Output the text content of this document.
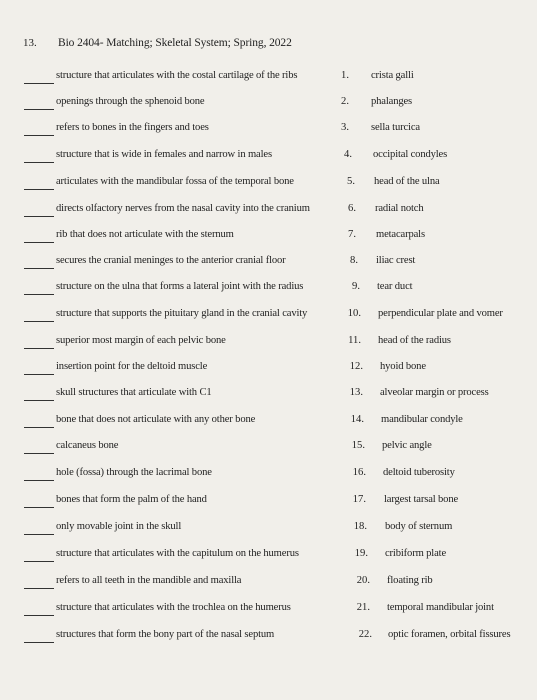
13. Bio 2404- Matching; Skeletal System; Spring, 2022
structure that articulates with the costal cartilage of the ribs	1. crista galli
openings through the sphenoid bone	2. phalanges
refers to bones in the fingers and toes	3. sella turcica
structure that is wide in females and narrow in males	4. occipital condyles
articulates with the mandibular fossa of the temporal bone	5. head of the ulna
directs olfactory nerves from the nasal cavity into the cranium	6. radial notch
rib that does not articulate with the sternum	7. metacarpals
secures the cranial meninges to the anterior cranial floor	8. iliac crest
structure on the ulna that forms a lateral joint with the radius	9. tear duct
structure that supports the pituitary gland in the cranial cavity	10. perpendicular plate and vomer
superior most margin of each pelvic bone	11. head of the radius
insertion point for the deltoid muscle	12. hyoid bone
skull structures that articulate with C1	13. alveolar margin or process
bone that does not articulate with any other bone	14. mandibular condyle
calcaneus bone	15. pelvic angle
hole (fossa) through the lacrimal bone	16. deltoid tuberosity
bones that form the palm of the hand	17. largest tarsal bone
only movable joint in the skull	18. body of sternum
structure that articulates with the capitulum on the humerus	19. cribiform plate
refers to all teeth in the mandible and maxilla	20. floating rib
structure that articulates with the trochlea on the humerus	21. temporal mandibular joint
structures that form the bony part of the nasal septum	22. optic foramen, orbital fissures
